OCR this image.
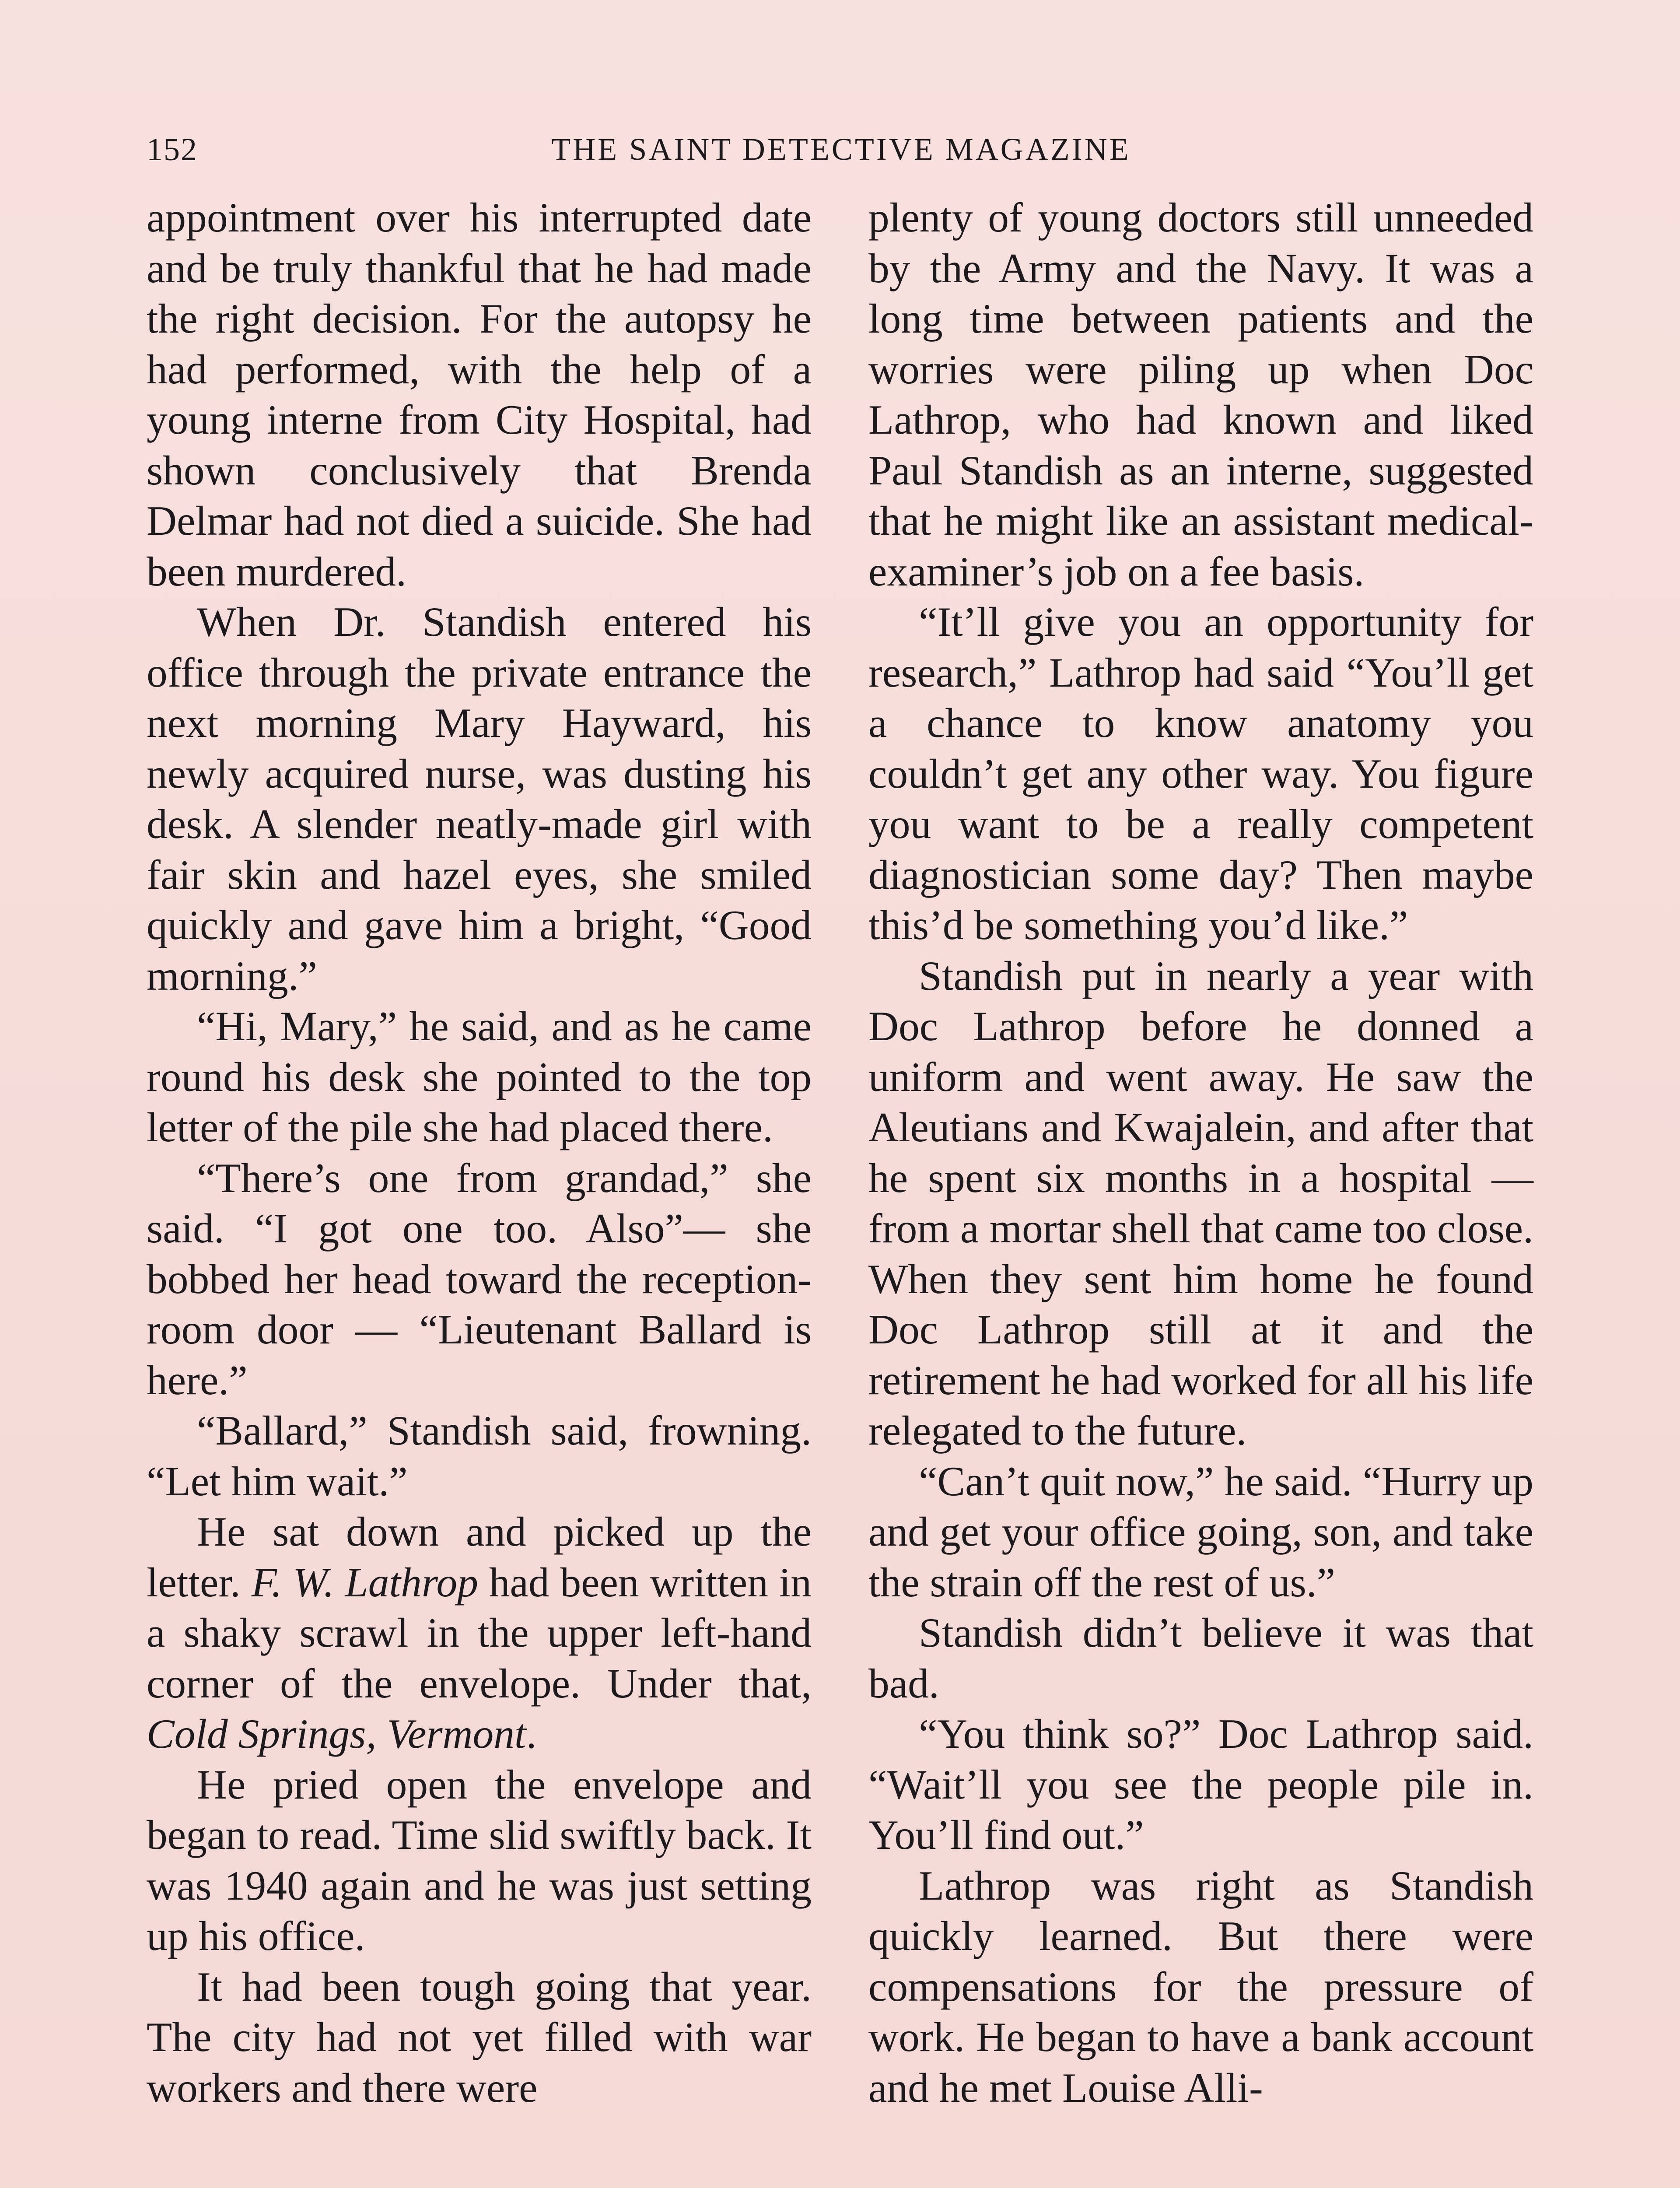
152	THE SAINT DETECTIVE MAGAZINE

appointment over his interrupted date and be truly thankful that he had made the right decision. For the autopsy he had performed, with the help of a young interne from City Hospital, had shown conclusively that Brenda Delmar had not died a suicide. She had been murdered.

When Dr. Standish entered his office through the private entrance the next morning Mary Hayward, his newly acquired nurse, was dusting his desk. A slender neatly-made girl with fair skin and hazel eyes, she smiled quickly and gave him a bright, “Good morning.”

“Hi, Mary,” he said, and as he came round his desk she pointed to the top letter of the pile she had placed there.

“There’s one from grandad,” she said. “I got one too. Also”— she bobbed her head toward the reception-room door — “Lieutenant Ballard is here.”

“Ballard,” Standish said, frowning. “Let him wait.”

He sat down and picked up the letter. F. W. Lathrop had been written in a shaky scrawl in the upper left-hand corner of the envelope. Under that, Cold Springs, Vermont.

He pried open the envelope and began to read. Time slid swiftly back. It was 1940 again and he was just setting up his office.

It had been tough going that year. The city had not yet filled with war workers and there were

plenty of young doctors still unneeded by the Army and the Navy. It was a long time between patients and the worries were piling up when Doc Lathrop, who had known and liked Paul Standish as an interne, suggested that he might like an assistant medical-examiner’s job on a fee basis.

“It’ll give you an opportunity for research,” Lathrop had said “You’ll get a chance to know anatomy you couldn’t get any other way. You figure you want to be a really competent diagnostician some day? Then maybe this’d be something you’d like.”

Standish put in nearly a year with Doc Lathrop before he donned a uniform and went away. He saw the Aleutians and Kwajalein, and after that he spent six months in a hospital — from a mortar shell that came too close. When they sent him home he found Doc Lathrop still at it and the retirement he had worked for all his life relegated to the future.

“Can’t quit now,” he said. “Hurry up and get your office going, son, and take the strain off the rest of us.”

Standish didn’t believe it was that bad.

“You think so?” Doc Lathrop said. “Wait’ll you see the people pile in. You’ll find out.”

Lathrop was right as Standish quickly learned. But there were compensations for the pressure of work. He began to have a bank account and he met Louise Alli-
